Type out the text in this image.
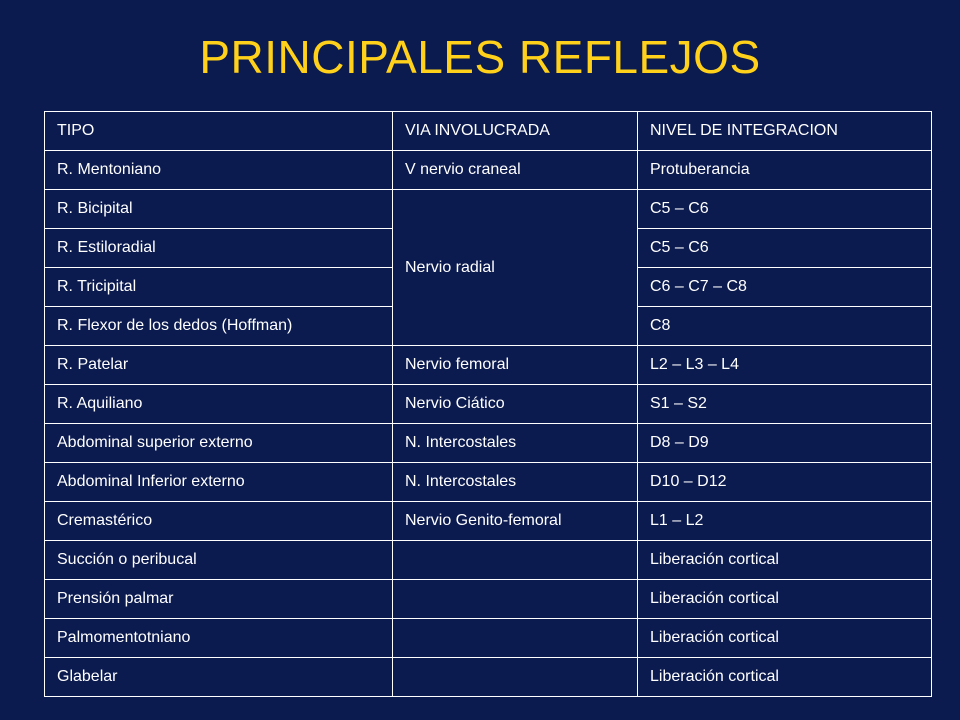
PRINCIPALES REFLEJOS
TIPO	VIA INVOLUCRADA	NIVEL DE INTEGRACION
R. Mentoniano	V nervio craneal	Protuberancia
R. Bicipital	Nervio radial	C5 – C6
R. Estiloradial		C5 – C6
R. Tricipital		C6 – C7 – C8
R. Flexor de los dedos (Hoffman)		C8
R. Patelar	Nervio femoral	L2 – L3 – L4
R. Aquiliano	Nervio Ciático	S1 – S2
Abdominal superior externo	N. Intercostales	D8 – D9
Abdominal Inferior externo	N. Intercostales	D10 – D12
Cremastérico	Nervio Genito-femoral	L1 – L2
Succión o peribucal		Liberación cortical
Prensión palmar		Liberación cortical
Palmomentotniano		Liberación cortical
Glabelar		Liberación cortical
